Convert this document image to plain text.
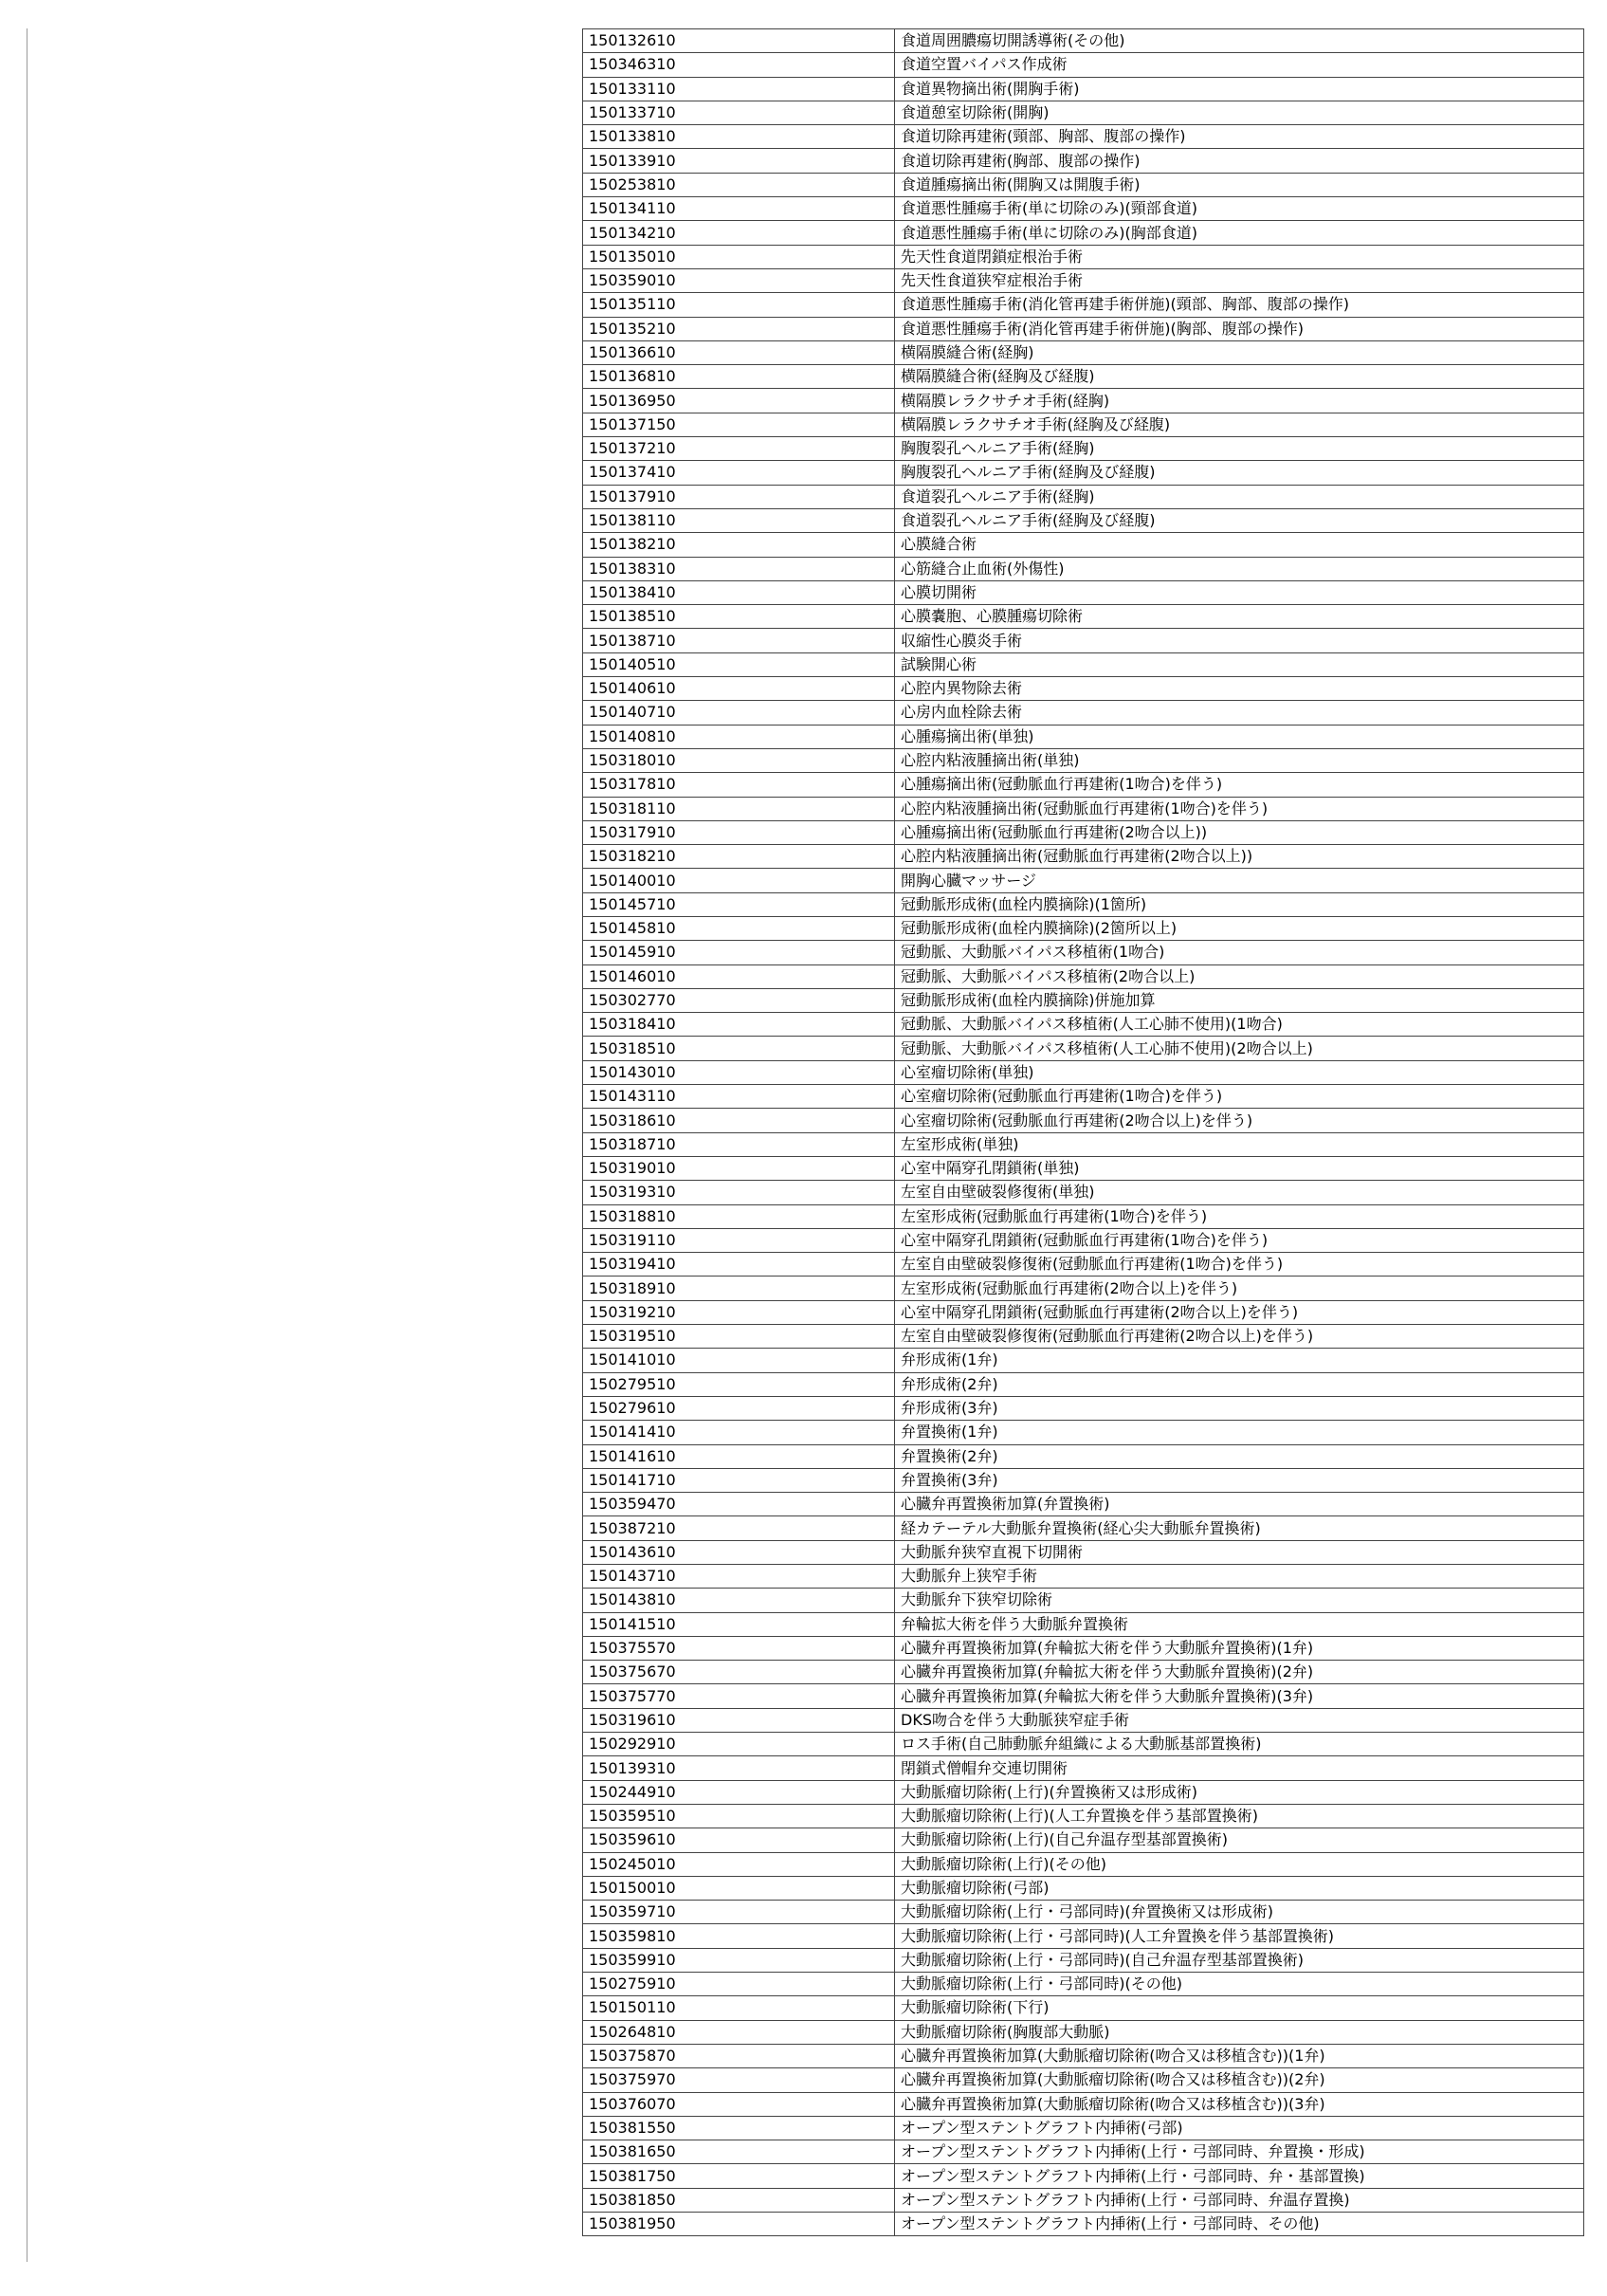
150132610	食道周囲膿瘍切開誘導術(その他)
150346310	食道空置バイパス作成術
150133110	食道異物摘出術(開胸手術)
150133710	食道憩室切除術(開胸)
150133810	食道切除再建術(頸部、胸部、腹部の操作)
150133910	食道切除再建術(胸部、腹部の操作)
150253810	食道腫瘍摘出術(開胸又は開腹手術)
150134110	食道悪性腫瘍手術(単に切除のみ)(頸部食道)
150134210	食道悪性腫瘍手術(単に切除のみ)(胸部食道)
150135010	先天性食道閉鎖症根治手術
150359010	先天性食道狭窄症根治手術
150135110	食道悪性腫瘍手術(消化管再建手術併施)(頸部、胸部、腹部の操作)
150135210	食道悪性腫瘍手術(消化管再建手術併施)(胸部、腹部の操作)
150136610	横隔膜縫合術(経胸)
150136810	横隔膜縫合術(経胸及び経腹)
150136950	横隔膜レラクサチオ手術(経胸)
150137150	横隔膜レラクサチオ手術(経胸及び経腹)
150137210	胸腹裂孔ヘルニア手術(経胸)
150137410	胸腹裂孔ヘルニア手術(経胸及び経腹)
150137910	食道裂孔ヘルニア手術(経胸)
150138110	食道裂孔ヘルニア手術(経胸及び経腹)
150138210	心膜縫合術
150138310	心筋縫合止血術(外傷性)
150138410	心膜切開術
150138510	心膜嚢胞、心膜腫瘍切除術
150138710	収縮性心膜炎手術
150140510	試験開心術
150140610	心腔内異物除去術
150140710	心房内血栓除去術
150140810	心腫瘍摘出術(単独)
150318010	心腔内粘液腫摘出術(単独)
150317810	心腫瘍摘出術(冠動脈血行再建術(1吻合)を伴う)
150318110	心腔内粘液腫摘出術(冠動脈血行再建術(1吻合)を伴う)
150317910	心腫瘍摘出術(冠動脈血行再建術(2吻合以上))
150318210	心腔内粘液腫摘出術(冠動脈血行再建術(2吻合以上))
150140010	開胸心臓マッサージ
150145710	冠動脈形成術(血栓内膜摘除)(1箇所)
150145810	冠動脈形成術(血栓内膜摘除)(2箇所以上)
150145910	冠動脈、大動脈バイパス移植術(1吻合)
150146010	冠動脈、大動脈バイパス移植術(2吻合以上)
150302770	冠動脈形成術(血栓内膜摘除)併施加算
150318410	冠動脈、大動脈バイパス移植術(人工心肺不使用)(1吻合)
150318510	冠動脈、大動脈バイパス移植術(人工心肺不使用)(2吻合以上)
150143010	心室瘤切除術(単独)
150143110	心室瘤切除術(冠動脈血行再建術(1吻合)を伴う)
150318610	心室瘤切除術(冠動脈血行再建術(2吻合以上)を伴う)
150318710	左室形成術(単独)
150319010	心室中隔穿孔閉鎖術(単独)
150319310	左室自由壁破裂修復術(単独)
150318810	左室形成術(冠動脈血行再建術(1吻合)を伴う)
150319110	心室中隔穿孔閉鎖術(冠動脈血行再建術(1吻合)を伴う)
150319410	左室自由壁破裂修復術(冠動脈血行再建術(1吻合)を伴う)
150318910	左室形成術(冠動脈血行再建術(2吻合以上)を伴う)
150319210	心室中隔穿孔閉鎖術(冠動脈血行再建術(2吻合以上)を伴う)
150319510	左室自由壁破裂修復術(冠動脈血行再建術(2吻合以上)を伴う)
150141010	弁形成術(1弁)
150279510	弁形成術(2弁)
150279610	弁形成術(3弁)
150141410	弁置換術(1弁)
150141610	弁置換術(2弁)
150141710	弁置換術(3弁)
150359470	心臓弁再置換術加算(弁置換術)
150387210	経カテーテル大動脈弁置換術(経心尖大動脈弁置換術)
150143610	大動脈弁狭窄直視下切開術
150143710	大動脈弁上狭窄手術
150143810	大動脈弁下狭窄切除術
150141510	弁輪拡大術を伴う大動脈弁置換術
150375570	心臓弁再置換術加算(弁輪拡大術を伴う大動脈弁置換術)(1弁)
150375670	心臓弁再置換術加算(弁輪拡大術を伴う大動脈弁置換術)(2弁)
150375770	心臓弁再置換術加算(弁輪拡大術を伴う大動脈弁置換術)(3弁)
150319610	DKS吻合を伴う大動脈狭窄症手術
150292910	ロス手術(自己肺動脈弁組織による大動脈基部置換術)
150139310	閉鎖式僧帽弁交連切開術
150244910	大動脈瘤切除術(上行)(弁置換術又は形成術)
150359510	大動脈瘤切除術(上行)(人工弁置換を伴う基部置換術)
150359610	大動脈瘤切除術(上行)(自己弁温存型基部置換術)
150245010	大動脈瘤切除術(上行)(その他)
150150010	大動脈瘤切除術(弓部)
150359710	大動脈瘤切除術(上行・弓部同時)(弁置換術又は形成術)
150359810	大動脈瘤切除術(上行・弓部同時)(人工弁置換を伴う基部置換術)
150359910	大動脈瘤切除術(上行・弓部同時)(自己弁温存型基部置換術)
150275910	大動脈瘤切除術(上行・弓部同時)(その他)
150150110	大動脈瘤切除術(下行)
150264810	大動脈瘤切除術(胸腹部大動脈)
150375870	心臓弁再置換術加算(大動脈瘤切除術(吻合又は移植含む))(1弁)
150375970	心臓弁再置換術加算(大動脈瘤切除術(吻合又は移植含む))(2弁)
150376070	心臓弁再置換術加算(大動脈瘤切除術(吻合又は移植含む))(3弁)
150381550	オープン型ステントグラフト内挿術(弓部)
150381650	オープン型ステントグラフト内挿術(上行・弓部同時、弁置換・形成)
150381750	オープン型ステントグラフト内挿術(上行・弓部同時、弁・基部置換)
150381850	オープン型ステントグラフト内挿術(上行・弓部同時、弁温存置換)
150381950	オープン型ステントグラフト内挿術(上行・弓部同時、その他)
